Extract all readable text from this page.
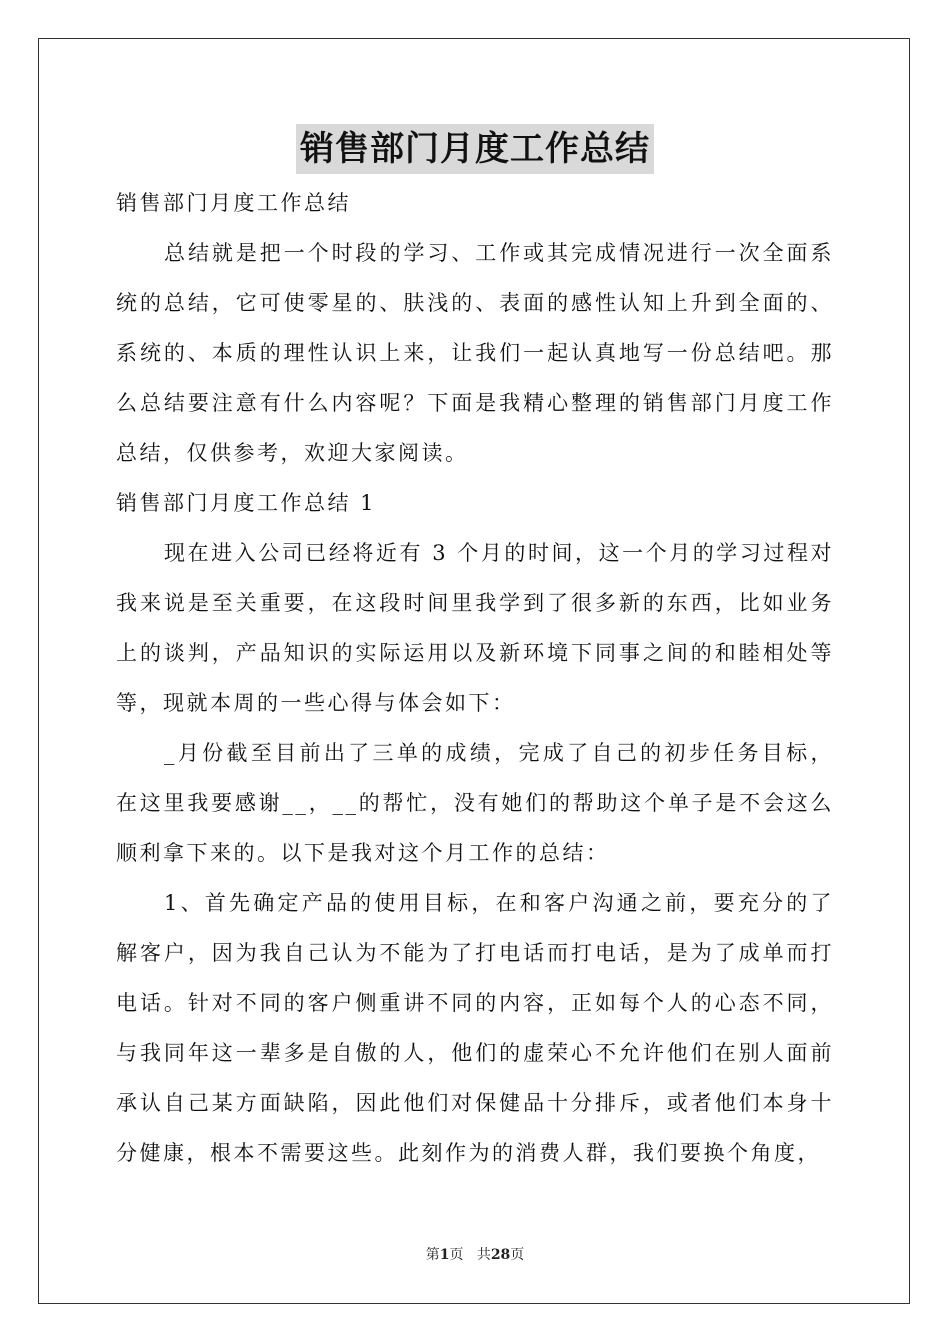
销售部门月度工作总结

销售部门月度工作总结

总结就是把一个时段的学习、工作或其完成情况进行一次全面系统的总结，它可使零星的、肤浅的、表面的感性认知上升到全面的、系统的、本质的理性认识上来，让我们一起认真地写一份总结吧。那么总结要注意有什么内容呢？下面是我精心整理的销售部门月度工作总结，仅供参考，欢迎大家阅读。

销售部门月度工作总结 1

现在进入公司已经将近有 3 个月的时间，这一个月的学习过程对我来说是至关重要，在这段时间里我学到了很多新的东西，比如业务上的谈判，产品知识的实际运用以及新环境下同事之间的和睦相处等等，现就本周的一些心得与体会如下：

_月份截至目前出了三单的成绩，完成了自己的初步任务目标，在这里我要感谢__，__的帮忙，没有她们的帮助这个单子是不会这么顺利拿下来的。以下是我对这个月工作的总结：

1、首先确定产品的使用目标，在和客户沟通之前，要充分的了解客户，因为我自己认为不能为了打电话而打电话，是为了成单而打电话。针对不同的客户侧重讲不同的内容，正如每个人的心态不同，与我同年这一辈多是自傲的人，他们的虚荣心不允许他们在别人面前承认自己某方面缺陷，因此他们对保健品十分排斥，或者他们本身十分健康，根本不需要这些。此刻作为的消费人群，我们要换个角度，

第1页 共28页
